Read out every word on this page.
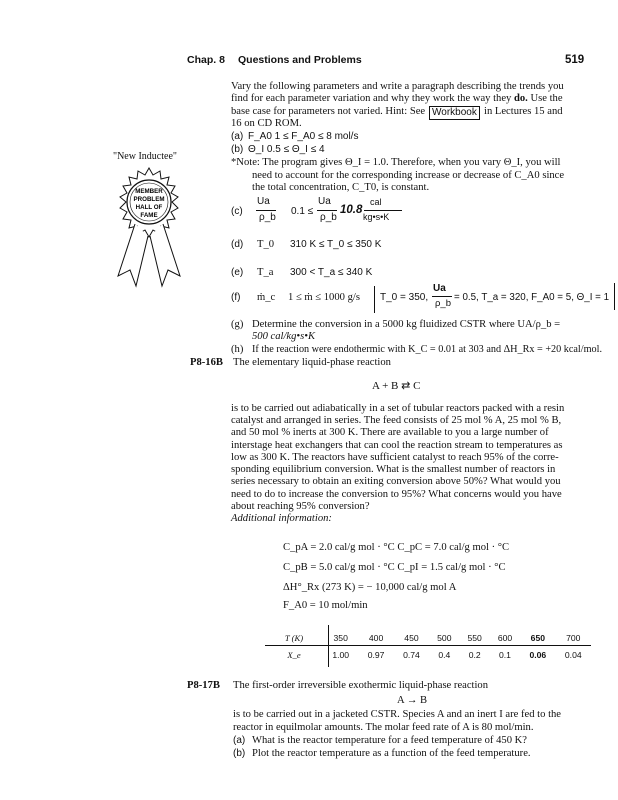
Chap. 8 Questions and Problems	519
"New Inductee"
MEMBER
PROBLEM
HALL OF
FAME
Vary the following parameters and write a paragraph describing the trends you
find for each parameter variation and why they work the way they do. Use the
base case for parameters not varied. Hint: See Workbook in Lectures 15 and
16 on CD ROM.
(a) F_A0 1 ≤ F_A0 ≤ 8 mol/s
(b) Θ_I 0.5 ≤ Θ_I ≤ 4
*Note: The program gives Θ_I = 1.0. Therefore, when you vary Θ_I, you will
need to account for the corresponding increase or decrease of C_A0 since
the total concentration, C_T0, is constant.
(c)
Ua
ρ_b
0.1 ≤
Ua
ρ_b
10.8
cal
kg•s•K
(d) T_0 310 K ≤ T_0 ≤ 350 K
(e) T_a 300 < T_a ≤ 340 K
(f) ṁ_c 1 ≤ ṁ ≤ 1000 g/s T_0 = 350,
Ua
ρ_b
= 0.5, T_a = 320, F_A0 = 5, Θ_I = 1
(g) Determine the conversion in a 5000 kg fluidized CSTR where UA/ρ_b =
500 cal/kg•s•K
(h) If the reaction were endothermic with K_C = 0.01 at 303 and ΔH_Rx = +20 kcal/mol.
P8-16B The elementary liquid-phase reaction
A + B ⇄ C
is to be carried out adiabatically in a set of tubular reactors packed with a resin
catalyst and arranged in series. The feed consists of 25 mol % A, 25 mol % B,
and 50 mol % inerts at 300 K. There are available to you a large number of
interstage heat exchangers that can cool the reaction stream to temperatures as
low as 300 K. The reactors have sufficient catalyst to reach 95% of the corre-
sponding equilibrium conversion. What is the smallest number of reactors in
series necessary to obtain an exiting conversion above 50%? What would you
need to do to increase the conversion to 95%? What concerns would you have
about reaching 95% conversion?
Additional information:
C_pA = 2.0 cal/g mol · °C C_pC = 7.0 cal/g mol · °C
C_pB = 5.0 cal/g mol · °C C_pI = 1.5 cal/g mol · °C
ΔH°_Rx (273 K) = − 10,000 cal/g mol A
F_A0 = 10 mol/min
T (K)	350	400	450	500	550	600	650	700
X_e	1.00	0.97	0.74	0.4	0.2	0.1	0.06	0.04
P8-17B The first-order irreversible exothermic liquid-phase reaction
A → B
is to be carried out in a jacketed CSTR. Species A and an inert I are fed to the
reactor in equilmolar amounts. The molar feed rate of A is 80 mol/min.
(a) What is the reactor temperature for a feed temperature of 450 K?
(b) Plot the reactor temperature as a function of the feed temperature.
